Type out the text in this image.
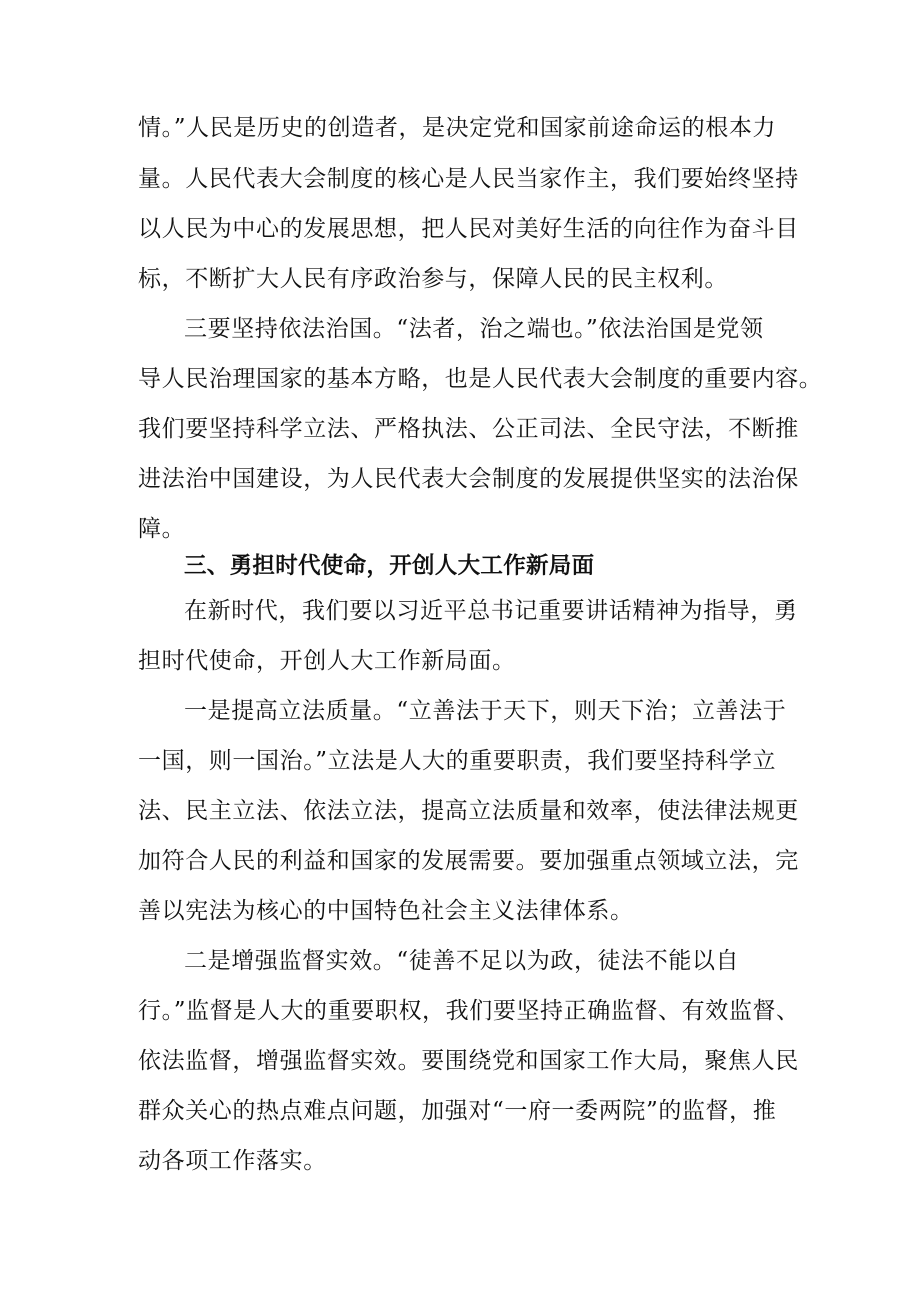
情。”人民是历史的创造者，是决定党和国家前途命运的根本力
量。人民代表大会制度的核心是人民当家作主，我们要始终坚持
以人民为中心的发展思想，把人民对美好生活的向往作为奋斗目
标，不断扩大人民有序政治参与，保障人民的民主权利。
三要坚持依法治国。“法者，治之端也。”依法治国是党领
导人民治理国家的基本方略，也是人民代表大会制度的重要内容。
我们要坚持科学立法、严格执法、公正司法、全民守法，不断推
进法治中国建设，为人民代表大会制度的发展提供坚实的法治保
障。
三、勇担时代使命，开创人大工作新局面
在新时代，我们要以习近平总书记重要讲话精神为指导，勇
担时代使命，开创人大工作新局面。
一是提高立法质量。“立善法于天下，则天下治；立善法于
一国，则一国治。”立法是人大的重要职责，我们要坚持科学立
法、民主立法、依法立法，提高立法质量和效率，使法律法规更
加符合人民的利益和国家的发展需要。要加强重点领域立法，完
善以宪法为核心的中国特色社会主义法律体系。
二是增强监督实效。“徒善不足以为政，徒法不能以自
行。”监督是人大的重要职权，我们要坚持正确监督、有效监督、
依法监督，增强监督实效。要围绕党和国家工作大局，聚焦人民
群众关心的热点难点问题，加强对“一府一委两院”的监督，推
动各项工作落实。
